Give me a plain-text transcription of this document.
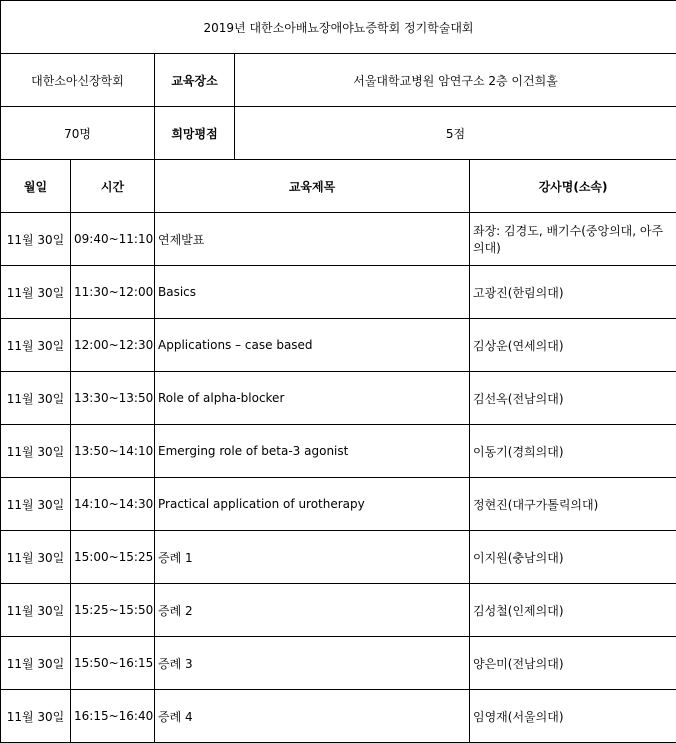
2019년 대한소아배뇨장애야뇨증학회 정기학술대회				
대한소아신장학회		교육장소	서울대학교병원 암연구소 2층 이건희홀	
70명		희망평점	5점	
월일	시간	교육제목		강사명(소속)
11월 30일	09:40~11:10	연제발표		좌장: 김경도, 배기수(중앙의대, 아주의대)
11월 30일	11:30~12:00	Basics		고광진(한림의대)
11월 30일	12:00~12:30	Applications – case based		김상운(연세의대)
11월 30일	13:30~13:50	Role of alpha-blocker		김선옥(전남의대)
11월 30일	13:50~14:10	Emerging role of beta-3 agonist		이동기(경희의대)
11월 30일	14:10~14:30	Practical application of urotherapy		정현진(대구가톨릭의대)
11월 30일	15:00~15:25	증례 1		이지원(충남의대)
11월 30일	15:25~15:50	증례 2		김성철(인제의대)
11월 30일	15:50~16:15	증례 3		양은미(전남의대)
11월 30일	16:15~16:40	증례 4		임영재(서울의대)
